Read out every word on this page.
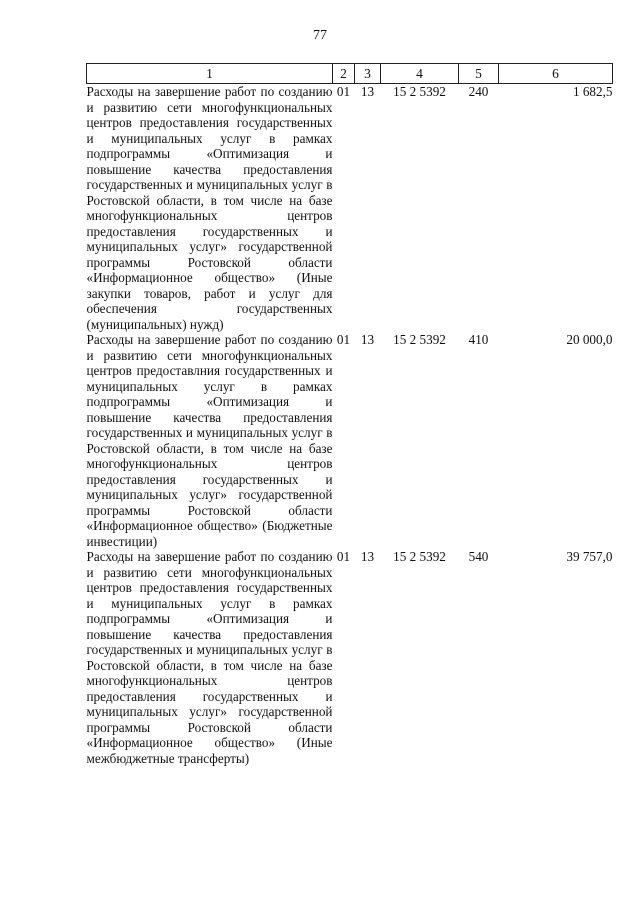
77
1	2	3	4	5	6
Расходы на завершение работ по созданию и развитию сети многофункциональных центров предоставления государственных и муниципальных услуг в рамках подпрограммы «Оптимизация и повышение качества предоставления государственных и муниципальных услуг в Ростовской области, в том числе на базе многофункциональных центров предоставления государственных и муниципальных услуг» государственной программы Ростовской области «Информационное общество» (Иные закупки товаров, работ и услуг для обеспечения государственных (муниципальных) нужд)	01	13	15 2 5392	240	1 682,5
Расходы на завершение работ по созданию и развитию сети многофункциональных центров предоставлния государственных и муниципальных услуг в рамках подпрограммы «Оптимизация и повышение качества предоставления государственных и муниципальных услуг в Ростовской области, в том числе на базе многофункциональных центров предоставления государственных и муниципальных услуг» государственной программы Ростовской области «Информационное общество» (Бюджетные инвестиции)	01	13	15 2 5392	410	20 000,0
Расходы на завершение работ по созданию и развитию сети многофункциональных центров предоставления государственных и муниципальных услуг в рамках подпрограммы «Оптимизация и повышение качества предоставления государственных и муниципальных услуг в Ростовской области, в том числе на базе многофункциональных центров предоставления государственных и муниципальных услуг» государственной программы Ростовской области «Информационное общество» (Иные межбюджетные трансферты)	01	13	15 2 5392	540	39 757,0
